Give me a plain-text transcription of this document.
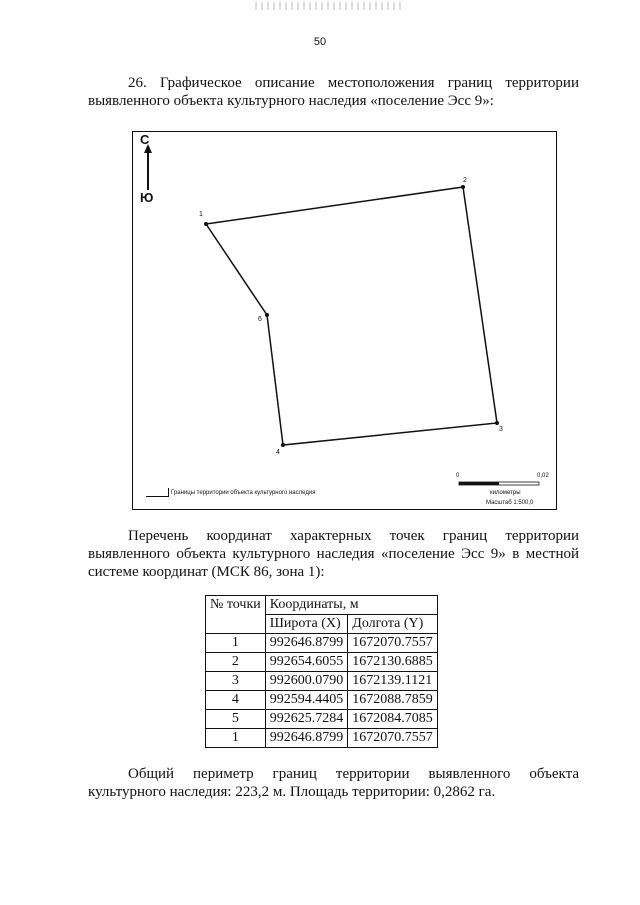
50

26. Графическое описание местоположения границ территории
выявленного объекта культурного наследия «поселение Эсс 9»:

С
Ю
1
2
3
4
6
Границы территории объекта культурного наследия
0	0,02
километры
Масштаб 1:500,0

Перечень координат характерных точек границ территории
выявленного объекта культурного наследия «поселение Эсс 9» в местной
системе координат (МСК 86, зона 1):

№ точки	Координаты, м	
	Широта (X)	Долгота (Y)
1	992646.8799	1672070.7557
2	992654.6055	1672130.6885
3	992600.0790	1672139.1121
4	992594.4405	1672088.7859
5	992625.7284	1672084.7085
1	992646.8799	1672070.7557

Общий периметр границ территории выявленного объекта
культурного наследия: 223,2 м. Площадь территории: 0,2862 га.
